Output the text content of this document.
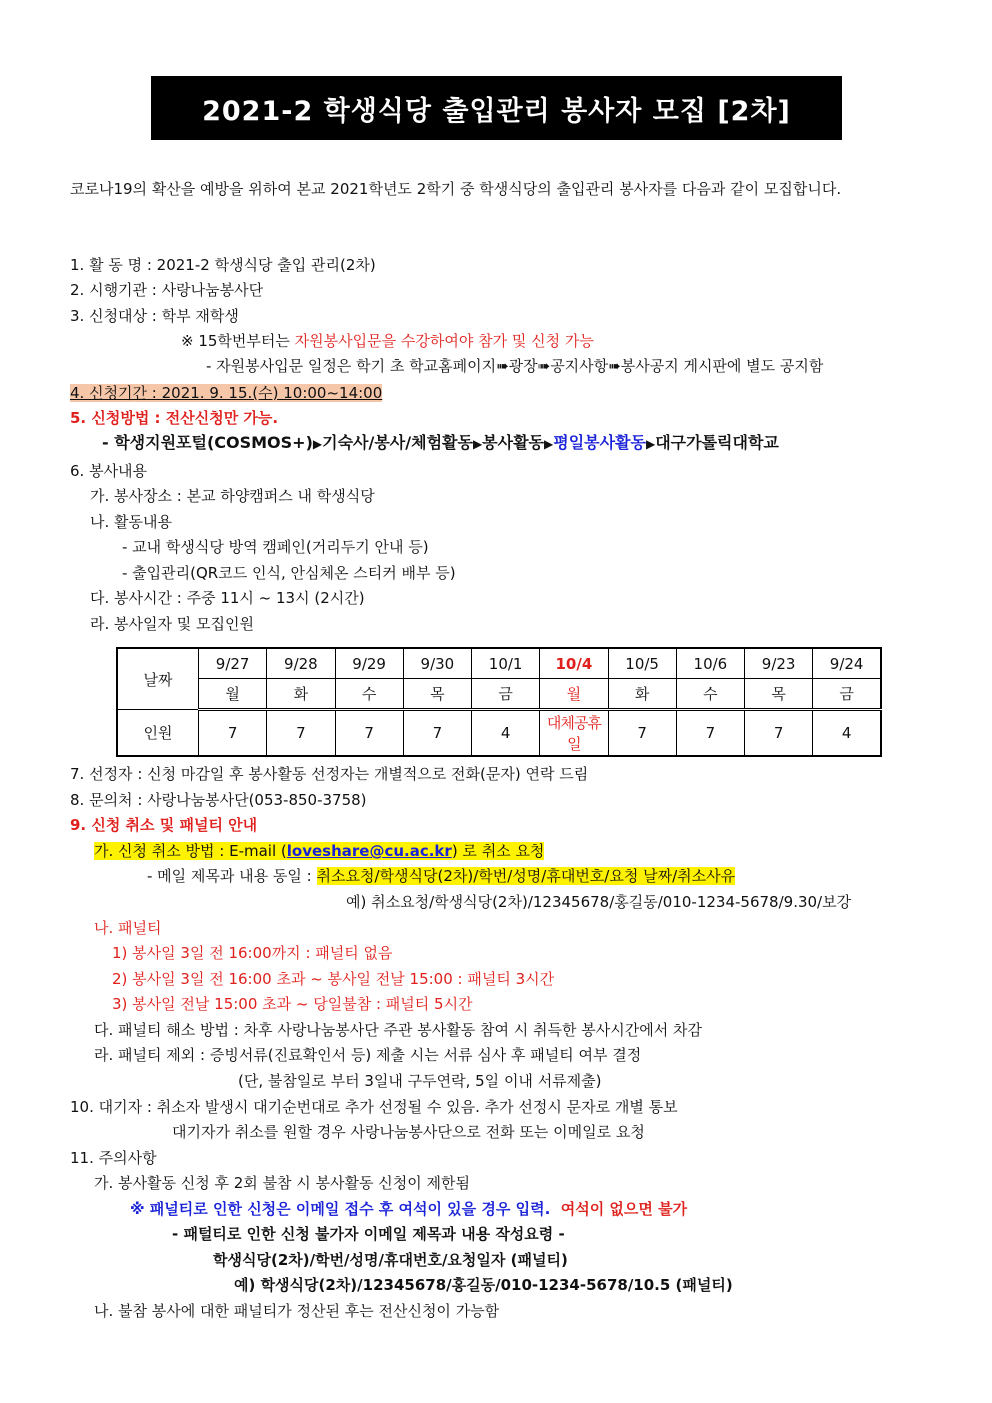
2021-2 학생식당 출입관리 봉사자 모집 [2차]
코로나19의 확산을 예방을 위하여 본교 2021학년도 2학기 중 학생식당의 출입관리 봉사자를 다음과 같이 모집합니다.
1. 활 동 명 : 2021-2 학생식당 출입 관리(2차)
2. 시행기관 : 사랑나눔봉사단
3. 신청대상 : 학부 재학생
※ 15학번부터는 자원봉사입문을 수강하여야 참가 및 신청 가능
- 자원봉사입문 일정은 학기 초 학교홈페이지➠광장➠공지사항➠봉사공지 게시판에 별도 공지함
4. 신청기간 : 2021. 9. 15.(수) 10:00~14:00
5. 신청방법 : 전산신청만 가능.
- 학생지원포털(COSMOS+)▶기숙사/봉사/체험활동▶봉사활동▶평일봉사활동▶대구가톨릭대학교
6. 봉사내용
가. 봉사장소 : 본교 하양캠퍼스 내 학생식당
나. 활동내용
- 교내 학생식당 방역 캠페인(거리두기 안내 등)
- 출입관리(QR코드 인식, 안심체온 스티커 배부 등)
다. 봉사시간 : 주중 11시 ~ 13시 (2시간)
라. 봉사일자 및 모집인원
날짜	9/27	9/28	9/29	9/30	10/1	10/4	10/5	10/6	9/23	9/24
	월	화	수	목	금	월	화	수	목	금
인원	7	7	7	7	4	대체공휴일	7	7	7	4
7. 선정자 : 신청 마감일 후 봉사활동 선정자는 개별적으로 전화(문자) 연락 드림
8. 문의처 : 사랑나눔봉사단(053-850-3758)
9. 신청 취소 및 패널티 안내
가. 신청 취소 방법 : E-mail (loveshare@cu.ac.kr) 로 취소 요청
- 메일 제목과 내용 동일 : 취소요청/학생식당(2차)/학번/성명/휴대번호/요청 날짜/취소사유
예) 취소요청/학생식당(2차)/12345678/홍길동/010-1234-5678/9.30/보강
나. 패널티
1) 봉사일 3일 전 16:00까지 : 패널티 없음
2) 봉사일 3일 전 16:00 초과 ~ 봉사일 전날 15:00 : 패널티 3시간
3) 봉사일 전날 15:00 초과 ~ 당일불참 : 패널티 5시간
다. 패널티 해소 방법 : 차후 사랑나눔봉사단 주관 봉사활동 참여 시 취득한 봉사시간에서 차감
라. 패널티 제외 : 증빙서류(진료확인서 등) 제출 시는 서류 심사 후 패널티 여부 결정
(단, 불참일로 부터 3일내 구두연락, 5일 이내 서류제출)
10. 대기자 : 취소자 발생시 대기순번대로 추가 선정될 수 있음. 추가 선정시 문자로 개별 통보
대기자가 취소를 원할 경우 사랑나눔봉사단으로 전화 또는 이메일로 요청
11. 주의사항
가. 봉사활동 신청 후 2회 불참 시 봉사활동 신청이 제한됨
※ 패널티로 인한 신청은 이메일 접수 후 여석이 있을 경우 입력. 여석이 없으면 불가
- 패털티로 인한 신청 불가자 이메일 제목과 내용 작성요령 -
학생식당(2차)/학번/성명/휴대번호/요청일자 (패널티)
예) 학생식당(2차)/12345678/홍길동/010-1234-5678/10.5 (패널티)
나. 불참 봉사에 대한 패널티가 정산된 후는 전산신청이 가능함
